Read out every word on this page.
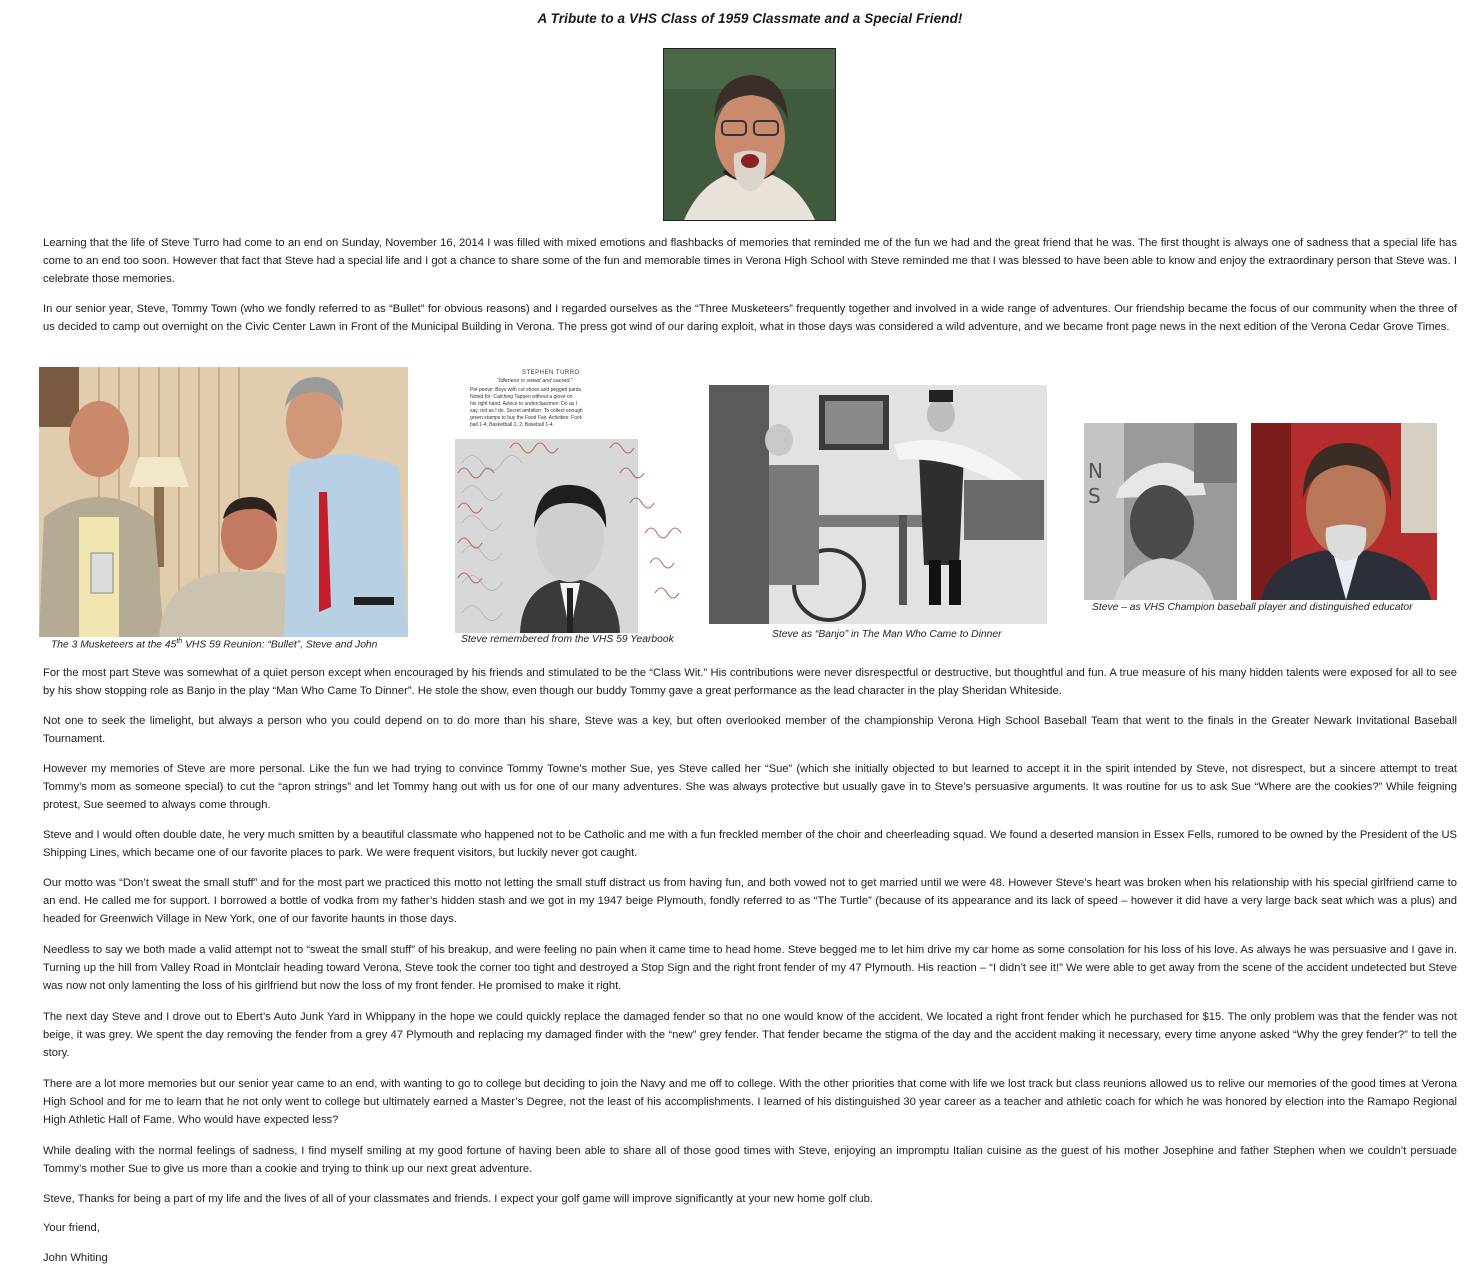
A Tribute to a VHS Class of 1959 Classmate and a Special Friend!

Learning that the life of Steve Turro had come to an end on Sunday, November 16, 2014 I was filled with mixed emotions and flashbacks of memories that reminded me of the fun we had and the great friend that he was. The first thought is always one of sadness that a special life has come to an end too soon. However that fact that Steve had a special life and I got a chance to share some of the fun and memorable times in Verona High School with Steve reminded me that I was blessed to have been able to know and enjoy the extraordinary person that Steve was. I celebrate those memories.

In our senior year, Steve, Tommy Town (who we fondly referred to as “Bullet” for obvious reasons) and I regarded ourselves as the “Three Musketeers” frequently together and involved in a wide range of adventures. Our friendship became the focus of our community when the three of us decided to camp out overnight on the Civic Center Lawn in Front of the Municipal Building in Verona. The press got wind of our daring exploit, what in those days was considered a wild adventure, and we became front page news in the next edition of the Verona Cedar Grove Times.

The 3 Musketeers at the 45th VHS 59 Reunion: “Bullet”, Steve and John
STEPHEN TURRO
“Idleness is sweet and sacred.”
Pet peeve: Boys with cut shoes and pegged pants.
Noted for: Catching Tappen without a glove on
his right hand. Advice to underclassmen: Do as I
say, not as I do. Secret ambition: To collect enough
green stamps to buy the Food Fair. Activities: Foot-
ball 1-4; Basketball 1, 2; Baseball 1-4.
Steve remembered from the VHS 59 Yearbook	Steve as “Banjo” in The Man Who Came to Dinner
N
S
Steve – as VHS Champion baseball player and distinguished educator

For the most part Steve was somewhat of a quiet person except when encouraged by his friends and stimulated to be the “Class Wit.” His contributions were never disrespectful or destructive, but thoughtful and fun. A true measure of his many hidden talents were exposed for all to see by his show stopping role as Banjo in the play “Man Who Came To Dinner”. He stole the show, even though our buddy Tommy gave a great performance as the lead character in the play Sheridan Whiteside.

Not one to seek the limelight, but always a person who you could depend on to do more than his share, Steve was a key, but often overlooked member of the championship Verona High School Baseball Team that went to the finals in the Greater Newark Invitational Baseball Tournament.

However my memories of Steve are more personal. Like the fun we had trying to convince Tommy Towne’s mother Sue, yes Steve called her “Sue” (which she initially objected to but learned to accept it in the spirit intended by Steve, not disrespect, but a sincere attempt to treat Tommy’s mom as someone special) to cut the “apron strings” and let Tommy hang out with us for one of our many adventures. She was always protective but usually gave in to Steve’s persuasive arguments. It was routine for us to ask Sue “Where are the cookies?” While feigning protest, Sue seemed to always come through.

Steve and I would often double date, he very much smitten by a beautiful classmate who happened not to be Catholic and me with a fun freckled member of the choir and cheerleading squad. We found a deserted mansion in Essex Fells, rumored to be owned by the President of the US Shipping Lines, which became one of our favorite places to park. We were frequent visitors, but luckily never got caught.

Our motto was “Don’t sweat the small stuff” and for the most part we practiced this motto not letting the small stuff distract us from having fun, and both vowed not to get married until we were 48. However Steve’s heart was broken when his relationship with his special girlfriend came to an end. He called me for support. I borrowed a bottle of vodka from my father’s hidden stash and we got in my 1947 beige Plymouth, fondly referred to as “The Turtle” (because of its appearance and its lack of speed – however it did have a very large back seat which was a plus) and headed for Greenwich Village in New York, one of our favorite haunts in those days.

Needless to say we both made a valid attempt not to “sweat the small stuff” of his breakup, and were feeling no pain when it came time to head home. Steve begged me to let him drive my car home as some consolation for his loss of his love. As always he was persuasive and I gave in. Turning up the hill from Valley Road in Montclair heading toward Verona, Steve took the corner too tight and destroyed a Stop Sign and the right front fender of my 47 Plymouth. His reaction – “I didn’t see it!” We were able to get away from the scene of the accident undetected but Steve was now not only lamenting the loss of his girlfriend but now the loss of my front fender. He promised to make it right.

The next day Steve and I drove out to Ebert’s Auto Junk Yard in Whippany in the hope we could quickly replace the damaged fender so that no one would know of the accident. We located a right front fender which he purchased for $15. The only problem was that the fender was not beige, it was grey. We spent the day removing the fender from a grey 47 Plymouth and replacing my damaged finder with the “new” grey fender. That fender became the stigma of the day and the accident making it necessary, every time anyone asked “Why the grey fender?” to tell the story.

There are a lot more memories but our senior year came to an end, with wanting to go to college but deciding to join the Navy and me off to college. With the other priorities that come with life we lost track but class reunions allowed us to relive our memories of the good times at Verona High School and for me to learn that he not only went to college but ultimately earned a Master’s Degree, not the least of his accomplishments. I learned of his distinguished 30 year career as a teacher and athletic coach for which he was honored by election into the Ramapo Regional High Athletic Hall of Fame. Who would have expected less?

While dealing with the normal feelings of sadness, I find myself smiling at my good fortune of having been able to share all of those good times with Steve, enjoying an impromptu Italian cuisine as the guest of his mother Josephine and father Stephen when we couldn’t persuade Tommy’s mother Sue to give us more than a cookie and trying to think up our next great adventure.

Steve, Thanks for being a part of my life and the lives of all of your classmates and friends. I expect your golf game will improve significantly at your new home golf club.

Your friend,

John Whiting
